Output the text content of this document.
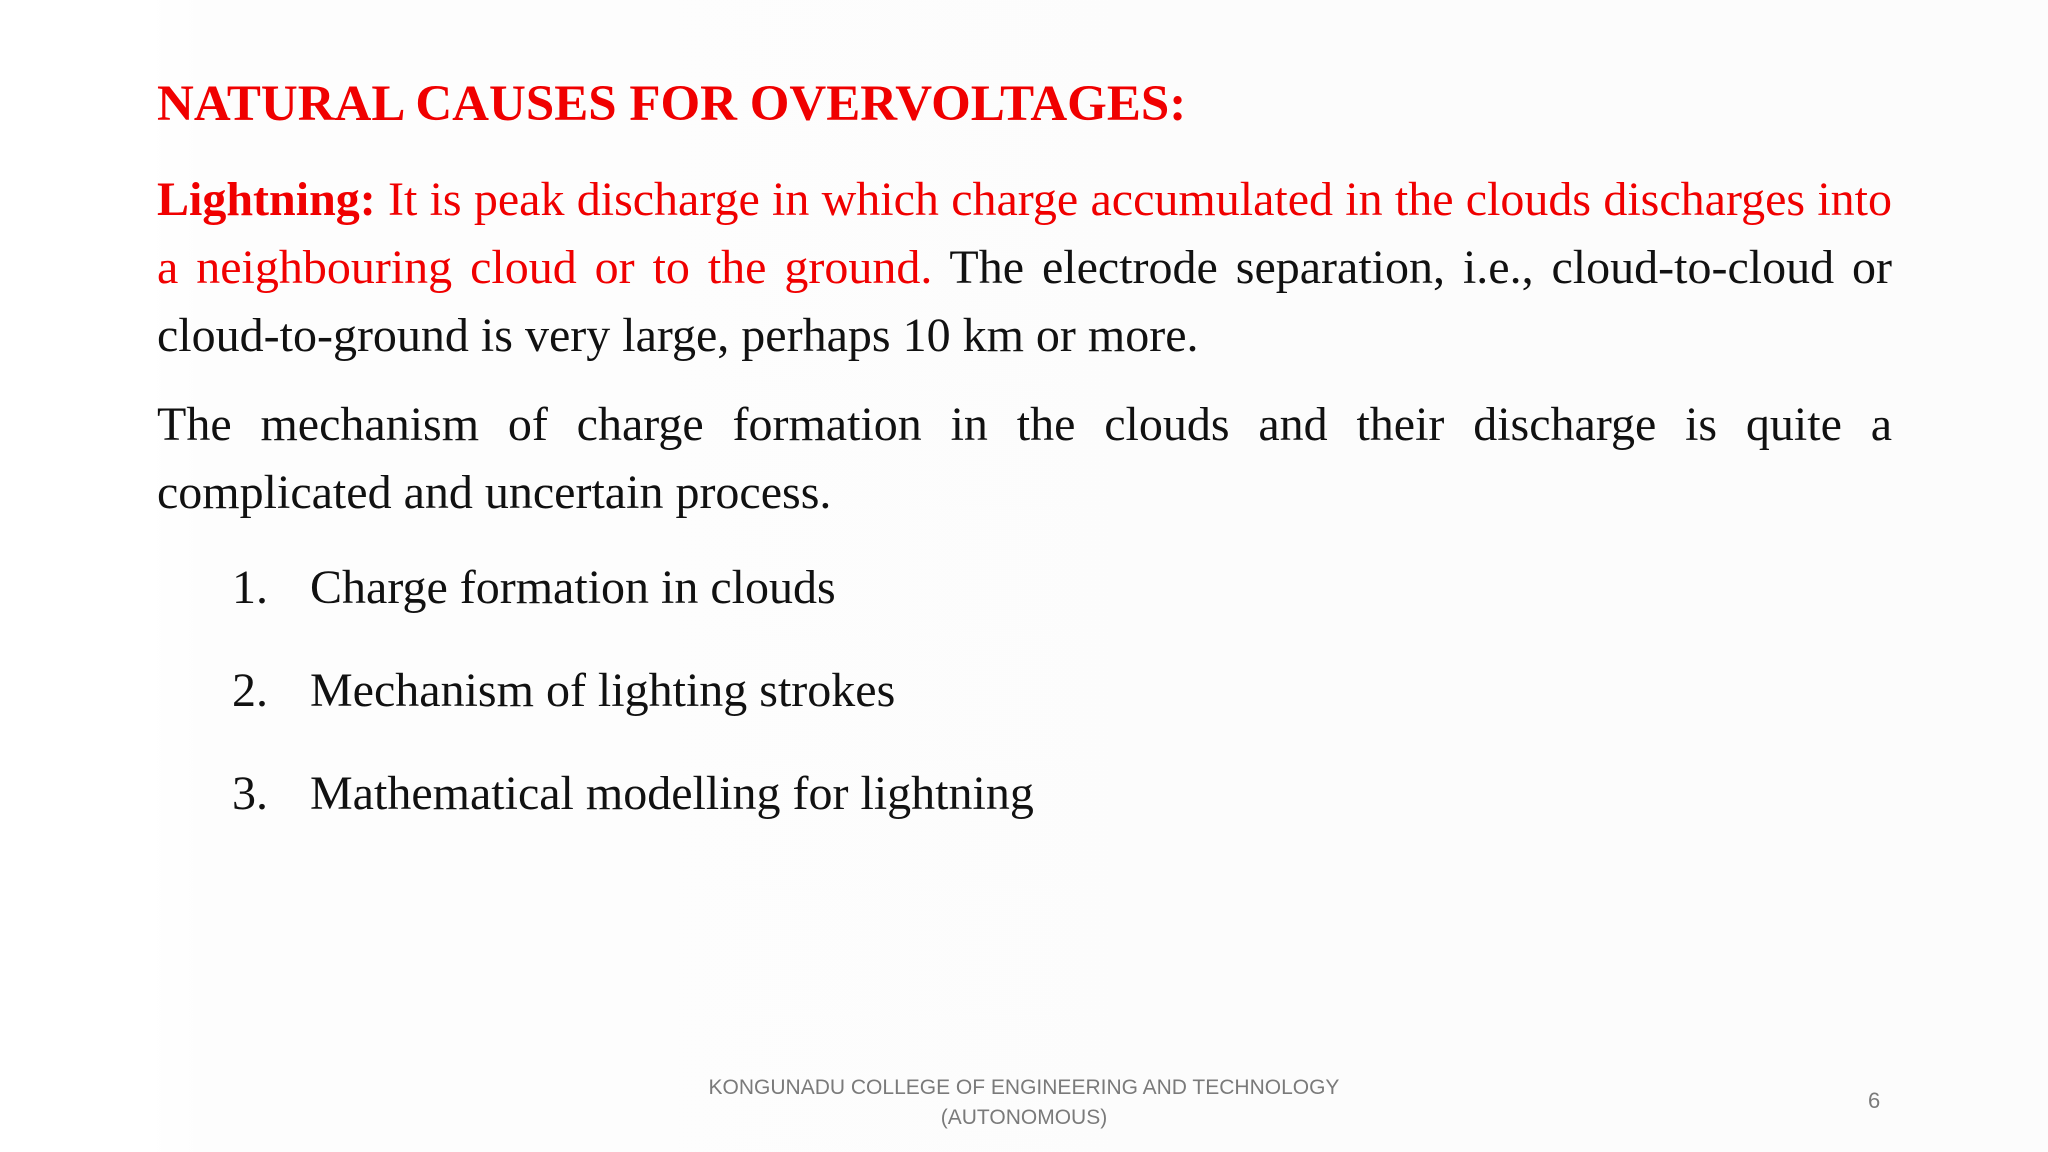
NATURAL CAUSES FOR OVERVOLTAGES:

Lightning: It is peak discharge in which charge accumulated in the clouds discharges into a neighbouring cloud or to the ground. The electrode separation, i.e., cloud-to-cloud or cloud-to-ground is very large, perhaps 10 km or more.

The mechanism of charge formation in the clouds and their discharge is quite a complicated and uncertain process.

1. Charge formation in clouds
2. Mechanism of lighting strokes
3. Mathematical modelling for lightning
KONGUNADU COLLEGE OF ENGINEERING AND TECHNOLOGY
(AUTONOMOUS)
6
